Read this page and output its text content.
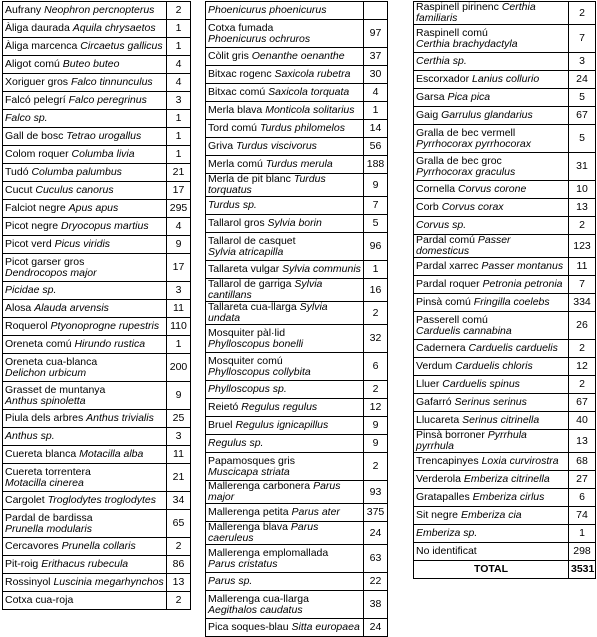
Aufrany Neophron percnopterus	2
Àliga daurada Aquila chrysaetos	1
Àliga marcenca Circaetus gallicus	1
Aligot comú Buteo buteo	4
Xoriguer gros Falco tinnunculus	4
Falcó pelegrí Falco peregrinus	3
Falco sp.	1
Gall de bosc Tetrao urogallus	1
Colom roquer Columba livia	1
Tudó Columba palumbus	21
Cucut Cuculus canorus	17
Falciot negre Apus apus	295
Picot negre Dryocopus martius	4
Picot verd Picus viridis	9
Picot garser gros
Dendrocopos major	17
Picidae sp.	3
Alosa Alauda arvensis	11
Roquerol Ptyonoprogne rupestris	110
Oreneta comú Hirundo rustica	1
Oreneta cua-blanca
Delichon urbicum	200
Grasset de muntanya
Anthus spinoletta	9
Piula dels arbres Anthus trivialis	25
Anthus sp.	3
Cuereta blanca Motacilla alba	11
Cuereta torrentera
Motacilla cinerea	21
Cargolet Troglodytes troglodytes	34
Pardal de bardissa
Prunella modularis	65
Cercavores Prunella collaris	2
Pit-roig Erithacus rubecula	86
Rossinyol Luscinia megarhynchos	13
Cotxa cua-roja	2
Phoenicurus phoenicurus	
Cotxa fumada
Phoenicurus ochruros	97
Còlit gris Oenanthe oenanthe	37
Bitxac rogenc Saxicola rubetra	30
Bitxac comú Saxicola torquata	4
Merla blava Monticola solitarius	1
Tord comú Turdus philomelos	14
Griva Turdus viscivorus	56
Merla comú Turdus merula	188
Merla de pit blanc Turdus torquatus	9
Turdus sp.	7
Tallarol gros Sylvia borin	5
Tallarol de casquet
Sylvia atricapilla	96
Tallareta vulgar Sylvia communis	1
Tallarol de garriga Sylvia cantillans	16
Tallareta cua-llarga Sylvia undata	2
Mosquiter pàl·lid
Phylloscopus bonelli	32
Mosquiter comú
Phylloscopus collybita	6
Phylloscopus sp.	2
Reietó Regulus regulus	12
Bruel Regulus ignicapillus	9
Regulus sp.	9
Papamosques gris
Muscicapa striata	2
Mallerenga carbonera Parus major	93
Mallerenga petita Parus ater	375
Mallerenga blava Parus caeruleus	24
Mallerenga emplomallada
Parus cristatus	63
Parus sp.	22
Mallerenga cua-llarga
Aegithalos caudatus	38
Pica soques-blau Sitta europaea	24
Raspinell pirinenc Certhia familiaris	2
Raspinell comú
Certhia brachydactyla	7
Certhia sp.	3
Escorxador Lanius collurio	24
Garsa Pica pica	5
Gaig Garrulus glandarius	67
Gralla de bec vermell
Pyrrhocorax pyrrhocorax	5
Gralla de bec groc
Pyrrhocorax graculus	31
Cornella Corvus corone	10
Corb Corvus corax	13
Corvus sp.	2
Pardal comú Passer domesticus	123
Pardal xarrec Passer montanus	11
Pardal roquer Petronia petronia	7
Pinsà comú Fringilla coelebs	334
Passerell comú
Carduelis cannabina	26
Cadernera Carduelis carduelis	2
Verdum Carduelis chloris	12
Lluer Carduelis spinus	2
Gafarró Serinus serinus	67
Llucareta Serinus citrinella	40
Pinsà borroner Pyrrhula pyrrhula	13
Trencapinyes Loxia curvirostra	68
Verderola Emberiza citrinella	27
Gratapalles Emberiza cirlus	6
Sit negre Emberiza cia	74
Emberiza sp.	1
No identificat	298
TOTAL	3531
